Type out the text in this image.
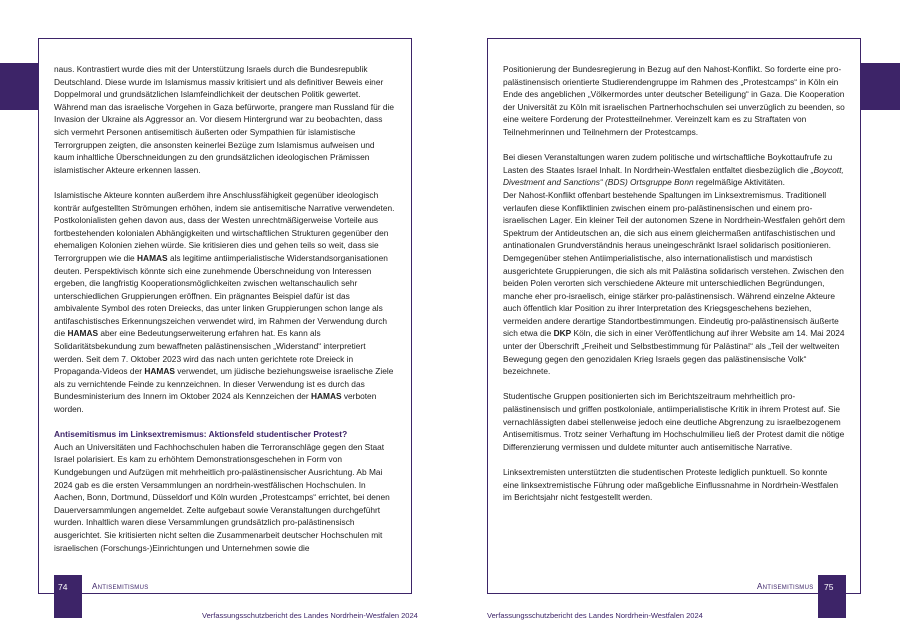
naus. Kontrastiert wurde dies mit der Unterstützung Israels durch die Bundesrepublik Deutschland. Diese wurde im Islamismus massiv kritisiert und als definitiver Beweis einer Doppelmoral und grundsätzlichen Islamfeindlichkeit der deutschen Politik gewertet. Während man das israelische Vorgehen in Gaza befürworte, prangere man Russland für die Invasion der Ukraine als Aggressor an. Vor diesem Hintergrund war zu beobachten, dass sich vermehrt Personen antisemitisch äußerten oder Sympathien für islamistische Terrorgruppen zeigten, die ansonsten keinerlei Bezüge zum Islamismus aufweisen und kaum inhaltliche Überschneidungen zu den grundsätzlichen ideologischen Prämissen islamistischer Akteure erkennen lassen.

Islamistische Akteure konnten außerdem ihre Anschlussfähigkeit gegenüber ideologisch konträr aufgestellten Strömungen erhöhen, indem sie antisemitische Narrative verwendeten. Postkolonialisten gehen davon aus, dass der Westen unrechtmäßigerweise Vorteile aus fortbestehenden kolonialen Abhängigkeiten und wirtschaftlichen Strukturen gegenüber den ehemaligen Kolonien ziehen würde. Sie kritisieren dies und gehen teils so weit, dass sie Terrorgruppen wie die HAMAS als legitime antiimperialistische Widerstandsorganisationen deuten. Perspektivisch könnte sich eine zunehmende Überschneidung von Interessen ergeben, die langfristig Kooperationsmöglichkeiten zwischen weltanschaulich sehr unterschiedlichen Gruppierungen eröffnen. Ein prägnantes Beispiel dafür ist das ambivalente Symbol des roten Dreiecks, das unter linken Gruppierungen schon lange als antifaschistisches Erkennungszeichen verwendet wird, im Rahmen der Verwendung durch die HAMAS aber eine Bedeutungserweiterung erfahren hat. Es kann als Solidaritätsbekundung zum bewaffneten palästinensischen „Widerstand“ interpretiert werden. Seit dem 7. Oktober 2023 wird das nach unten gerichtete rote Dreieck in Propaganda-Videos der HAMAS verwendet, um jüdische beziehungsweise israelische Ziele als zu vernichtende Feinde zu kennzeichnen. In dieser Verwendung ist es durch das Bundesministerium des Innern im Oktober 2024 als Kennzeichen der HAMAS verboten worden.

Antisemitismus im Linksextremismus: Aktionsfeld studentischer Protest?

Auch an Universitäten und Fachhochschulen haben die Terroranschläge gegen den Staat Israel polarisiert. Es kam zu erhöhtem Demonstrationsgeschehen in Form von Kundgebungen und Aufzügen mit mehrheitlich pro-palästinensischer Ausrichtung. Ab Mai 2024 gab es die ersten Versammlungen an nordrhein-westfälischen Hochschulen. In Aachen, Bonn, Dortmund, Düsseldorf und Köln wurden „Protestcamps“ errichtet, bei denen Dauerversammlungen angemeldet. Zelte aufgebaut sowie Veranstaltungen durchgeführt wurden. Inhaltlich waren diese Versammlungen grundsätzlich pro-palästinensisch ausgerichtet. Sie kritisierten nicht selten die Zusammenarbeit deutscher Hochschulen mit israelischen (Forschungs-)Einrichtungen und Unternehmen sowie die

Positionierung der Bundesregierung in Bezug auf den Nahost-Konflikt. So forderte eine pro-palästinensisch orientierte Studierendengruppe im Rahmen des „Protestcamps“ in Köln ein Ende des angeblichen „Völkermordes unter deutscher Beteiligung“ in Gaza. Die Kooperation der Universität zu Köln mit israelischen Partnerhochschulen sei unverzüglich zu beenden, so eine weitere Forderung der Protestteilnehmer. Vereinzelt kam es zu Straftaten von Teilnehmerinnen und Teilnehmern der Protestcamps.

Bei diesen Veranstaltungen waren zudem politische und wirtschaftliche Boykottaufrufe zu Lasten des Staates Israel Inhalt. In Nordrhein-Westfalen entfaltet diesbezüglich die „Boycott, Divestment and Sanctions“ (BDS) Ortsgruppe Bonn regelmäßige Aktivitäten.

Der Nahost-Konflikt offenbart bestehende Spaltungen im Linksextremismus. Traditionell verlaufen diese Konfliktlinien zwischen einem pro-palästinensischen und einem pro-israelischen Lager. Ein kleiner Teil der autonomen Szene in Nordrhein-Westfalen gehört dem Spektrum der Antideutschen an, die sich aus einem gleichermaßen antifaschistischen und antinationalen Grundverständnis heraus uneingeschränkt Israel solidarisch positionieren. Demgegenüber stehen Antiimperialistische, also internationalistisch und marxistisch ausgerichtete Gruppierungen, die sich als mit Palästina solidarisch verstehen. Zwischen den beiden Polen verorten sich verschiedene Akteure mit unterschiedlichen Begründungen, manche eher pro-israelisch, einige stärker pro-palästinensisch. Während einzelne Akteure auch öffentlich klar Position zu ihrer Interpretation des Kriegsgeschehens beziehen, vermeiden andere derartige Standortbestimmungen. Eindeutig pro-palästinensisch äußerte sich etwa die DKP Köln, die sich in einer Veröffentlichung auf ihrer Website am 14. Mai 2024 unter der Überschrift „Freiheit und Selbstbestimmung für Palästina!“ als „Teil der weltweiten Bewegung gegen den genozidalen Krieg Israels gegen das palästinensische Volk“ bezeichnete.

Studentische Gruppen positionierten sich im Berichtszeitraum mehrheitlich pro-palästinensisch und griffen postkoloniale, antiimperialistische Kritik in ihrem Protest auf. Sie vernachlässigten dabei stellenweise jedoch eine deutliche Abgrenzung zu israelbezogenem Antisemitismus. Trotz seiner Verhaftung im Hochschulmilieu ließ der Protest damit die nötige Differenzierung vermissen und duldete mitunter auch antisemitische Narrative.

Linksextremisten unterstützten die studentischen Proteste lediglich punktuell. So konnte eine linksextremistische Führung oder maßgebliche Einflussnahme in Nordrhein-Westfalen im Berichtsjahr nicht festgestellt werden.

74	75
Antisemitismus	Antisemitismus
Verfassungsschutzbericht des Landes Nordrhein-Westfalen 2024	Verfassungsschutzbericht des Landes Nordrhein-Westfalen 2024
